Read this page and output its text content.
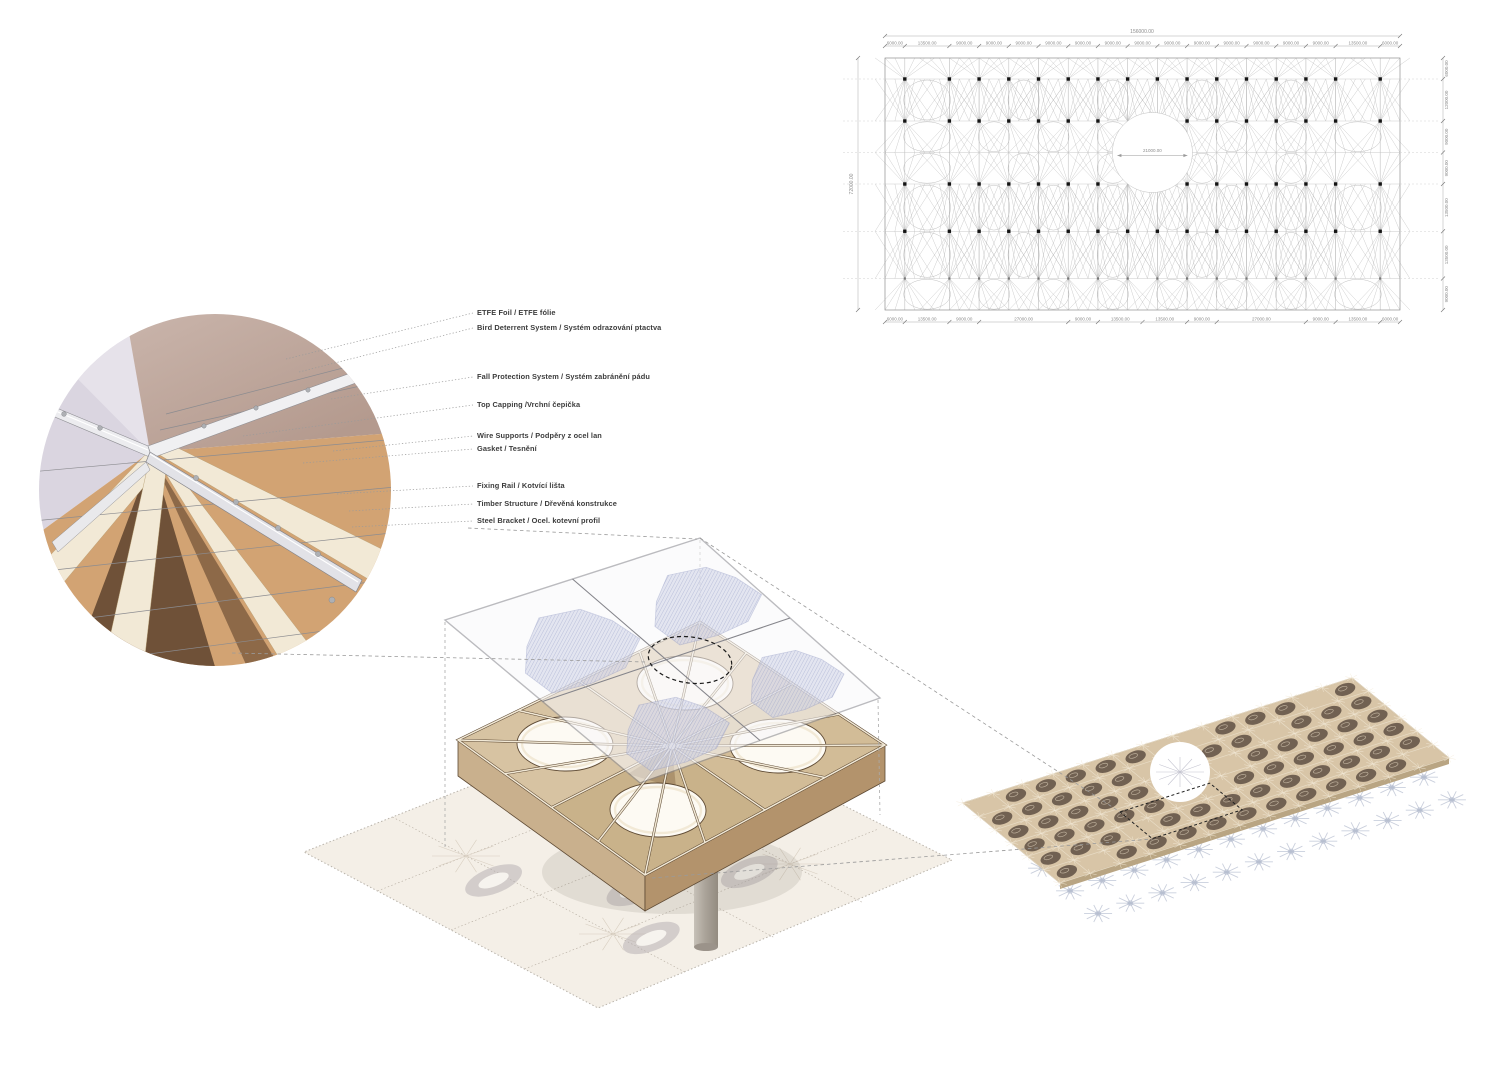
ETFE Foil / ETFE fólie
Bird Deterrent System / Systém odrazování ptactva
Fall Protection System / Systém zabránění pádu
Top Capping /Vrchní čepička
Wire Supports / Podpěry z ocel lan
Gasket / Tesnění
Fixing Rail / Kotvící lišta
Timber Structure / Dřevěná konstrukce
Steel Bracket / Ocel. kotevní profil
21000.00
6000.00	13500.00	9000.00	9000.00	9000.00	9000.00	9000.00	9000.00	9000.00	9000.00	9000.00	9000.00	9000.00	9000.00	9000.00	13500.00	6000.00
6000.00	13500.00	9000.00	27000.00	9000.00	13500.00	13500.00	9000.00	27000.00	9000.00	13500.00	6000.00
6000.00
12000.00
9000.00
9000.00
13500.00
13500.00
9000.00
156000.00
72000.00
